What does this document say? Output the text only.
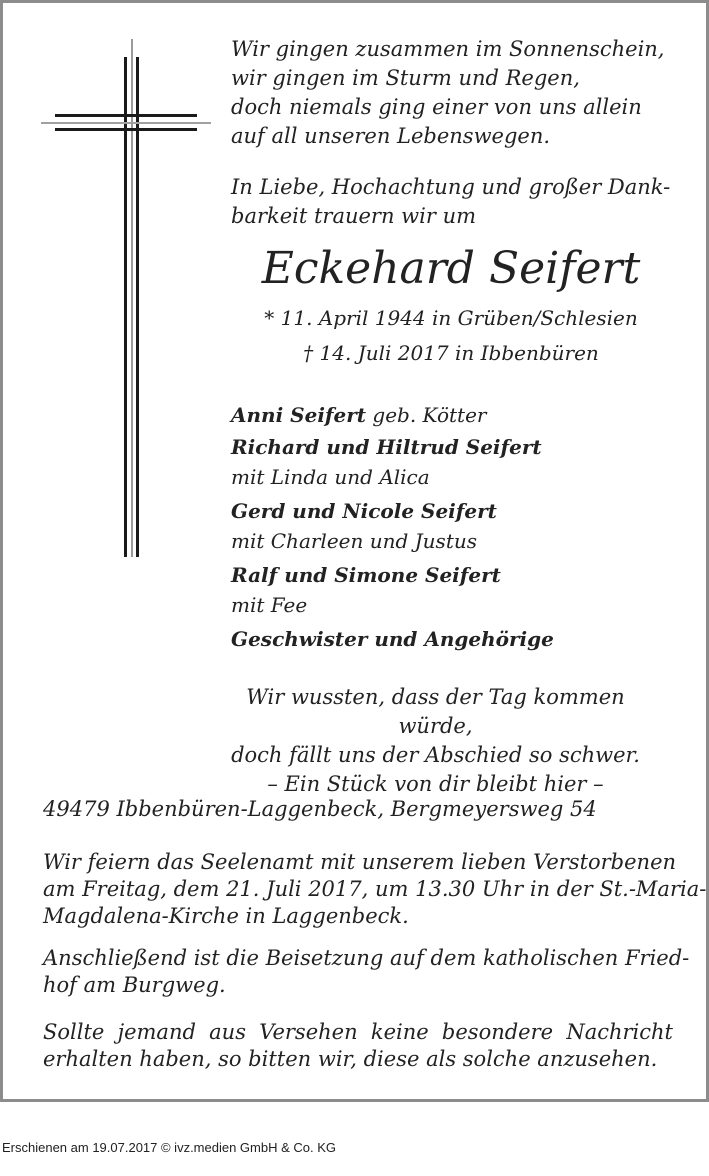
Wir gingen zusammen im Sonnenschein,
wir gingen im Sturm und Regen,
doch niemals ging einer von uns allein
auf all unseren Lebenswegen.
In Liebe, Hochachtung und großer Dank-
barkeit trauern wir um
Eckehard Seifert
* 11. April 1944 in Grüben/Schlesien
† 14. Juli 2017 in Ibbenbüren
Anni Seifert geb. Kötter
Richard und Hiltrud Seifert
mit Linda und Alica
Gerd und Nicole Seifert
mit Charleen und Justus
Ralf und Simone Seifert
mit Fee
Geschwister und Angehörige
Wir wussten, dass der Tag kommen würde,
doch fällt uns der Abschied so schwer.
– Ein Stück von dir bleibt hier –
49479 Ibbenbüren-Laggenbeck, Bergmeyersweg 54
Wir feiern das Seelenamt mit unserem lieben Verstorbenen
am Freitag, dem 21. Juli 2017, um 13.30 Uhr in der St.-Maria-
Magdalena-Kirche in Laggenbeck.
Anschließend ist die Beisetzung auf dem katholischen Fried-
hof am Burgweg.
Sollte jemand aus Versehen keine besondere Nachricht
erhalten haben, so bitten wir, diese als solche anzusehen.
Erschienen am 19.07.2017 © ivz.medien GmbH & Co. KG
